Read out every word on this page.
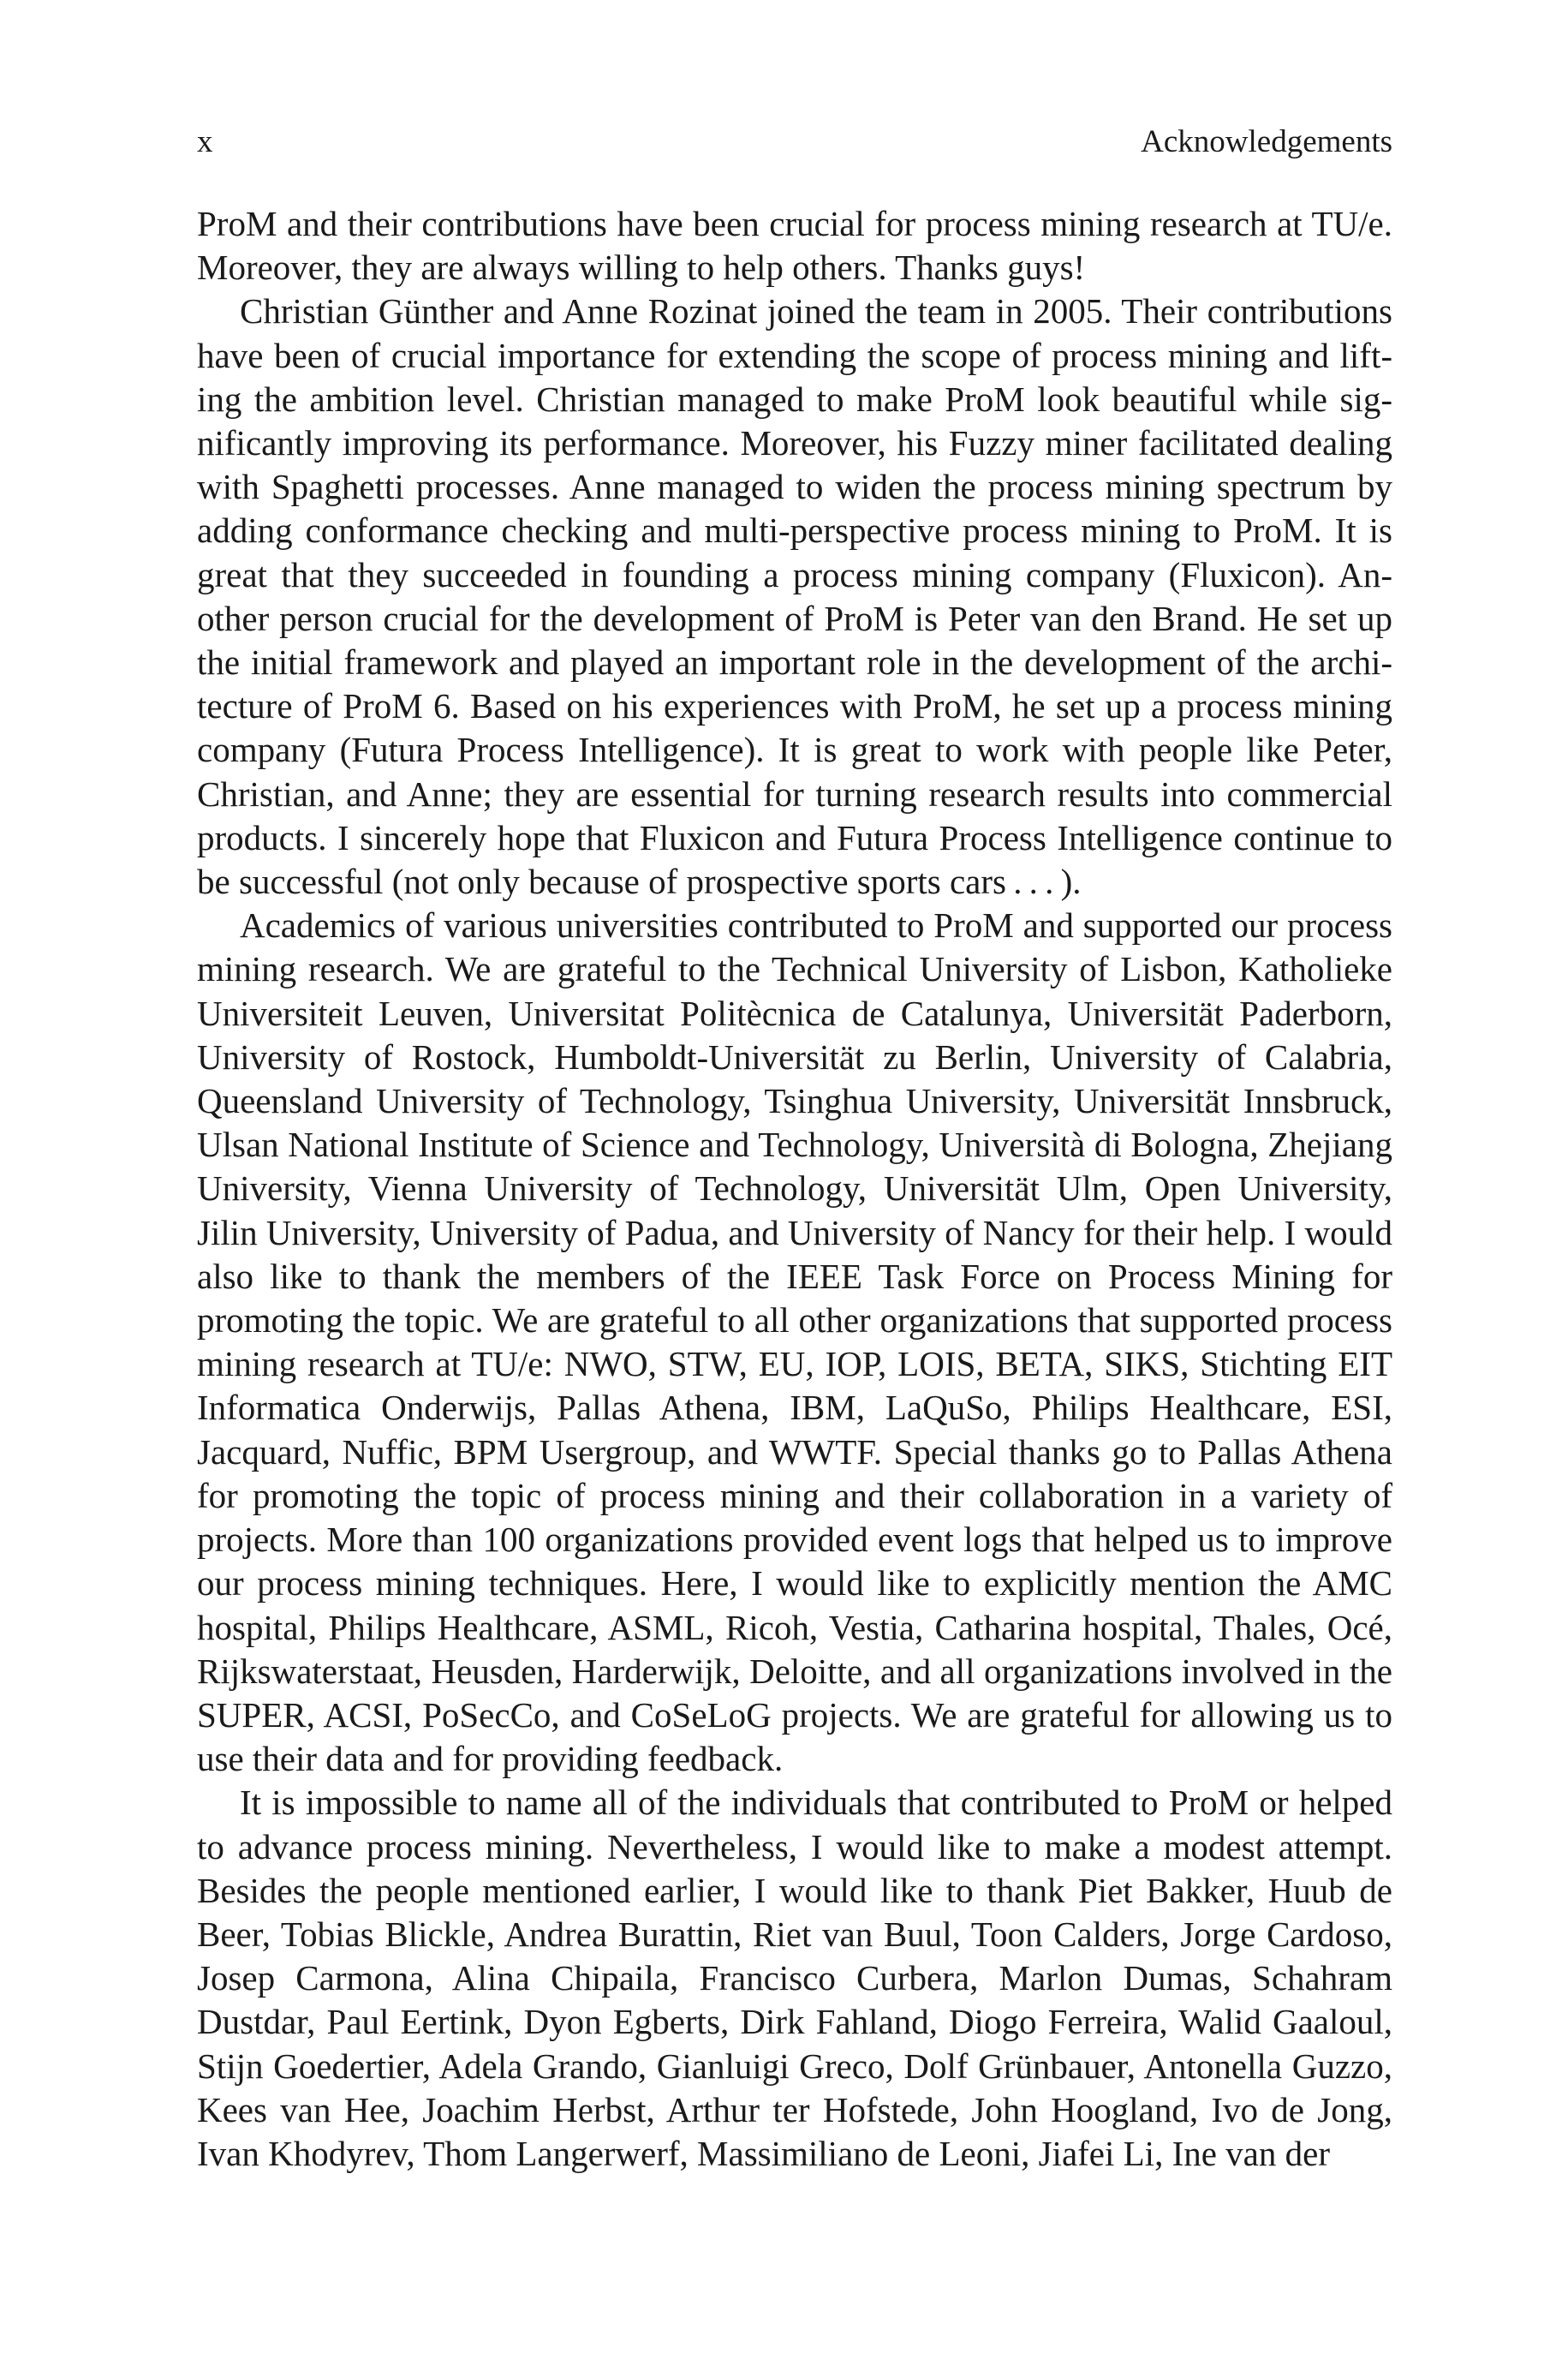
x	Acknowledgements

ProM and their contributions have been crucial for process mining research at TU/e. Moreover, they are always willing to help others. Thanks guys!

Christian Günther and Anne Rozinat joined the team in 2005. Their contributions have been of crucial importance for extending the scope of process mining and lifting the ambition level. Christian managed to make ProM look beautiful while significantly improving its performance. Moreover, his Fuzzy miner facilitated dealing with Spaghetti processes. Anne managed to widen the process mining spectrum by adding conformance checking and multi-perspective process mining to ProM. It is great that they succeeded in founding a process mining company (Fluxicon). Another person crucial for the development of ProM is Peter van den Brand. He set up the initial framework and played an important role in the development of the architecture of ProM 6. Based on his experiences with ProM, he set up a process mining company (Futura Process Intelligence). It is great to work with people like Peter, Christian, and Anne; they are essential for turning research results into commercial products. I sincerely hope that Fluxicon and Futura Process Intelligence continue to be successful (not only because of prospective sports cars . . . ).

Academics of various universities contributed to ProM and supported our process mining research. We are grateful to the Technical University of Lisbon, Katholieke Universiteit Leuven, Universitat Politècnica de Catalunya, Universität Paderborn, University of Rostock, Humboldt-Universität zu Berlin, University of Calabria, Queensland University of Technology, Tsinghua University, Universität Innsbruck, Ulsan National Institute of Science and Technology, Università di Bologna, Zhejiang University, Vienna University of Technology, Universität Ulm, Open University, Jilin University, University of Padua, and University of Nancy for their help. I would also like to thank the members of the IEEE Task Force on Process Mining for promoting the topic. We are grateful to all other organizations that supported process mining research at TU/e: NWO, STW, EU, IOP, LOIS, BETA, SIKS, Stichting EIT Informatica Onderwijs, Pallas Athena, IBM, LaQuSo, Philips Healthcare, ESI, Jacquard, Nuffic, BPM Usergroup, and WWTF. Special thanks go to Pallas Athena for promoting the topic of process mining and their collaboration in a variety of projects. More than 100 organizations provided event logs that helped us to improve our process mining techniques. Here, I would like to explicitly mention the AMC hospital, Philips Healthcare, ASML, Ricoh, Vestia, Catharina hospital, Thales, Océ, Rijkswaterstaat, Heusden, Harderwijk, Deloitte, and all organizations involved in the SUPER, ACSI, PoSecCo, and CoSeLoG projects. We are grateful for allowing us to use their data and for providing feedback.

It is impossible to name all of the individuals that contributed to ProM or helped to advance process mining. Nevertheless, I would like to make a modest attempt. Besides the people mentioned earlier, I would like to thank Piet Bakker, Huub de Beer, Tobias Blickle, Andrea Burattin, Riet van Buul, Toon Calders, Jorge Cardoso, Josep Carmona, Alina Chipaila, Francisco Curbera, Marlon Dumas, Schahram Dustdar, Paul Eertink, Dyon Egberts, Dirk Fahland, Diogo Ferreira, Walid Gaaloul, Stijn Goedertier, Adela Grando, Gianluigi Greco, Dolf Grünbauer, Antonella Guzzo, Kees van Hee, Joachim Herbst, Arthur ter Hofstede, John Hoogland, Ivo de Jong, Ivan Khodyrev, Thom Langerwerf, Massimiliano de Leoni, Jiafei Li, Ine van der
